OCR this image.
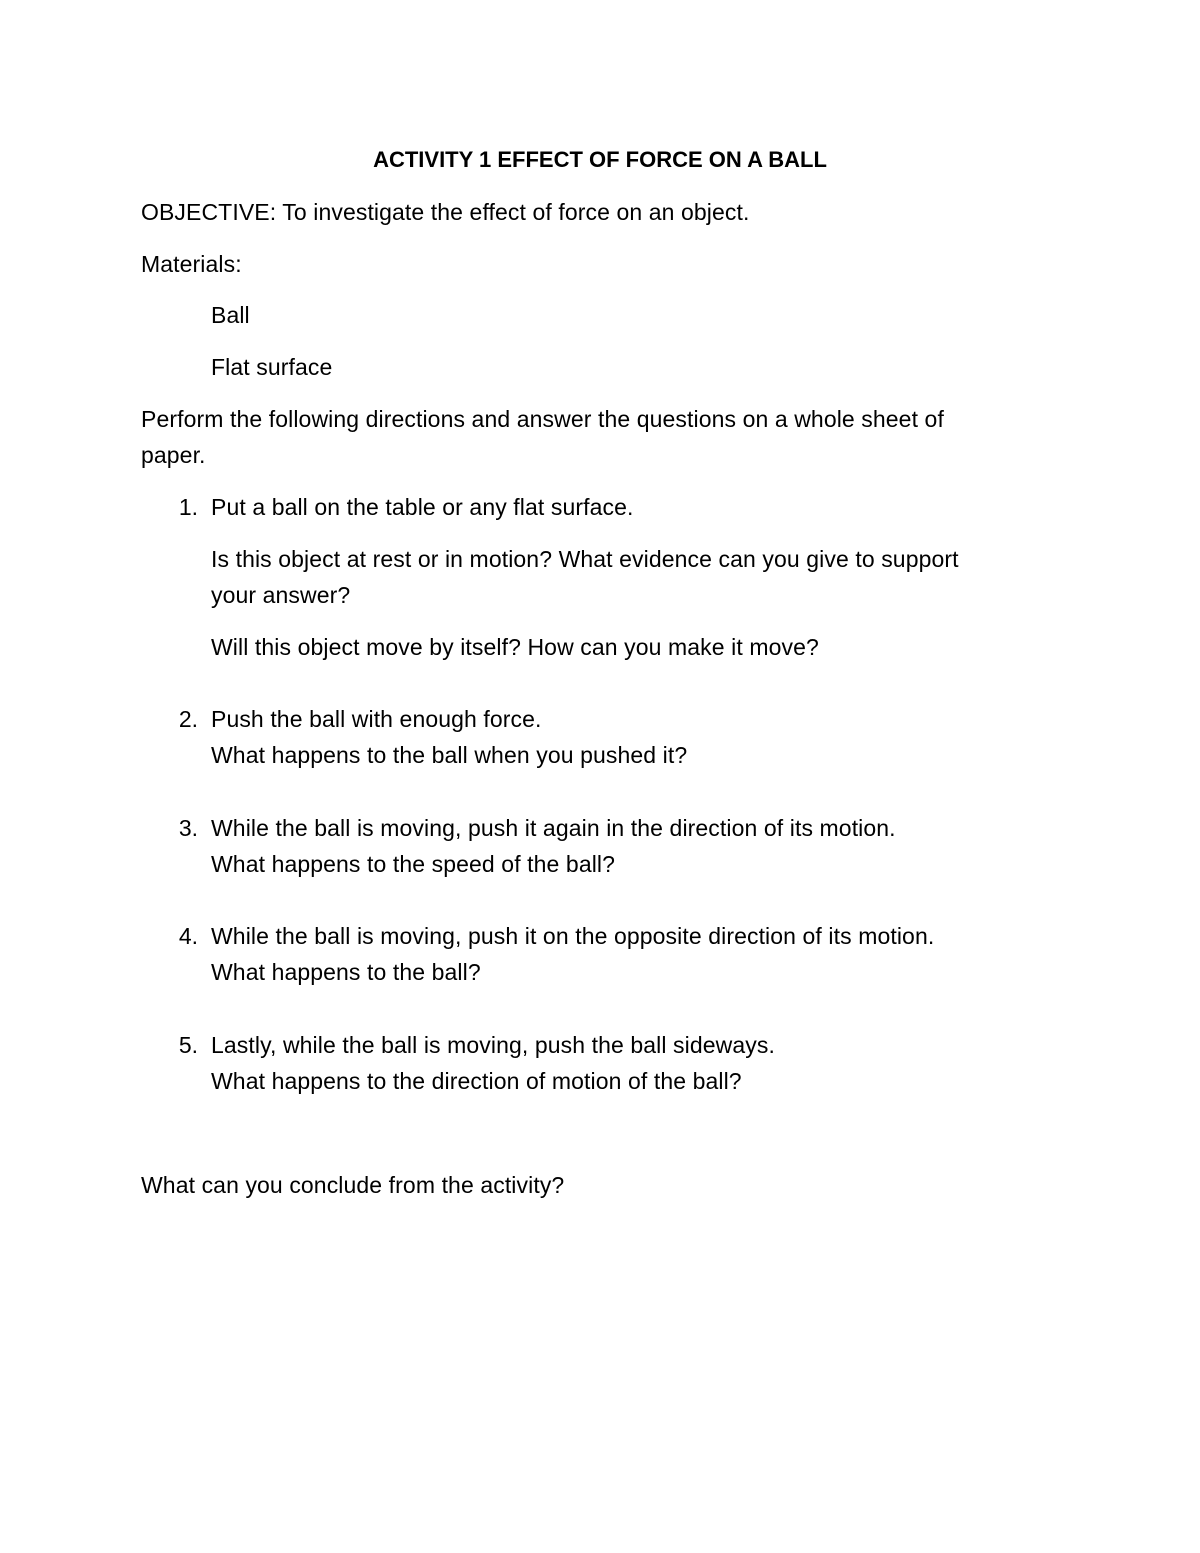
ACTIVITY 1 EFFECT OF FORCE ON A BALL
OBJECTIVE: To investigate the effect of force on an object.
Materials:
Ball
Flat surface
Perform the following directions and answer the questions on a whole sheet of
paper.
1. Put a ball on the table or any flat surface.
Is this object at rest or in motion? What evidence can you give to support
your answer?
Will this object move by itself? How can you make it move?
2. Push the ball with enough force.
What happens to the ball when you pushed it?
3. While the ball is moving, push it again in the direction of its motion.
What happens to the speed of the ball?
4. While the ball is moving, push it on the opposite direction of its motion.
What happens to the ball?
5. Lastly, while the ball is moving, push the ball sideways.
What happens to the direction of motion of the ball?
What can you conclude from the activity?
